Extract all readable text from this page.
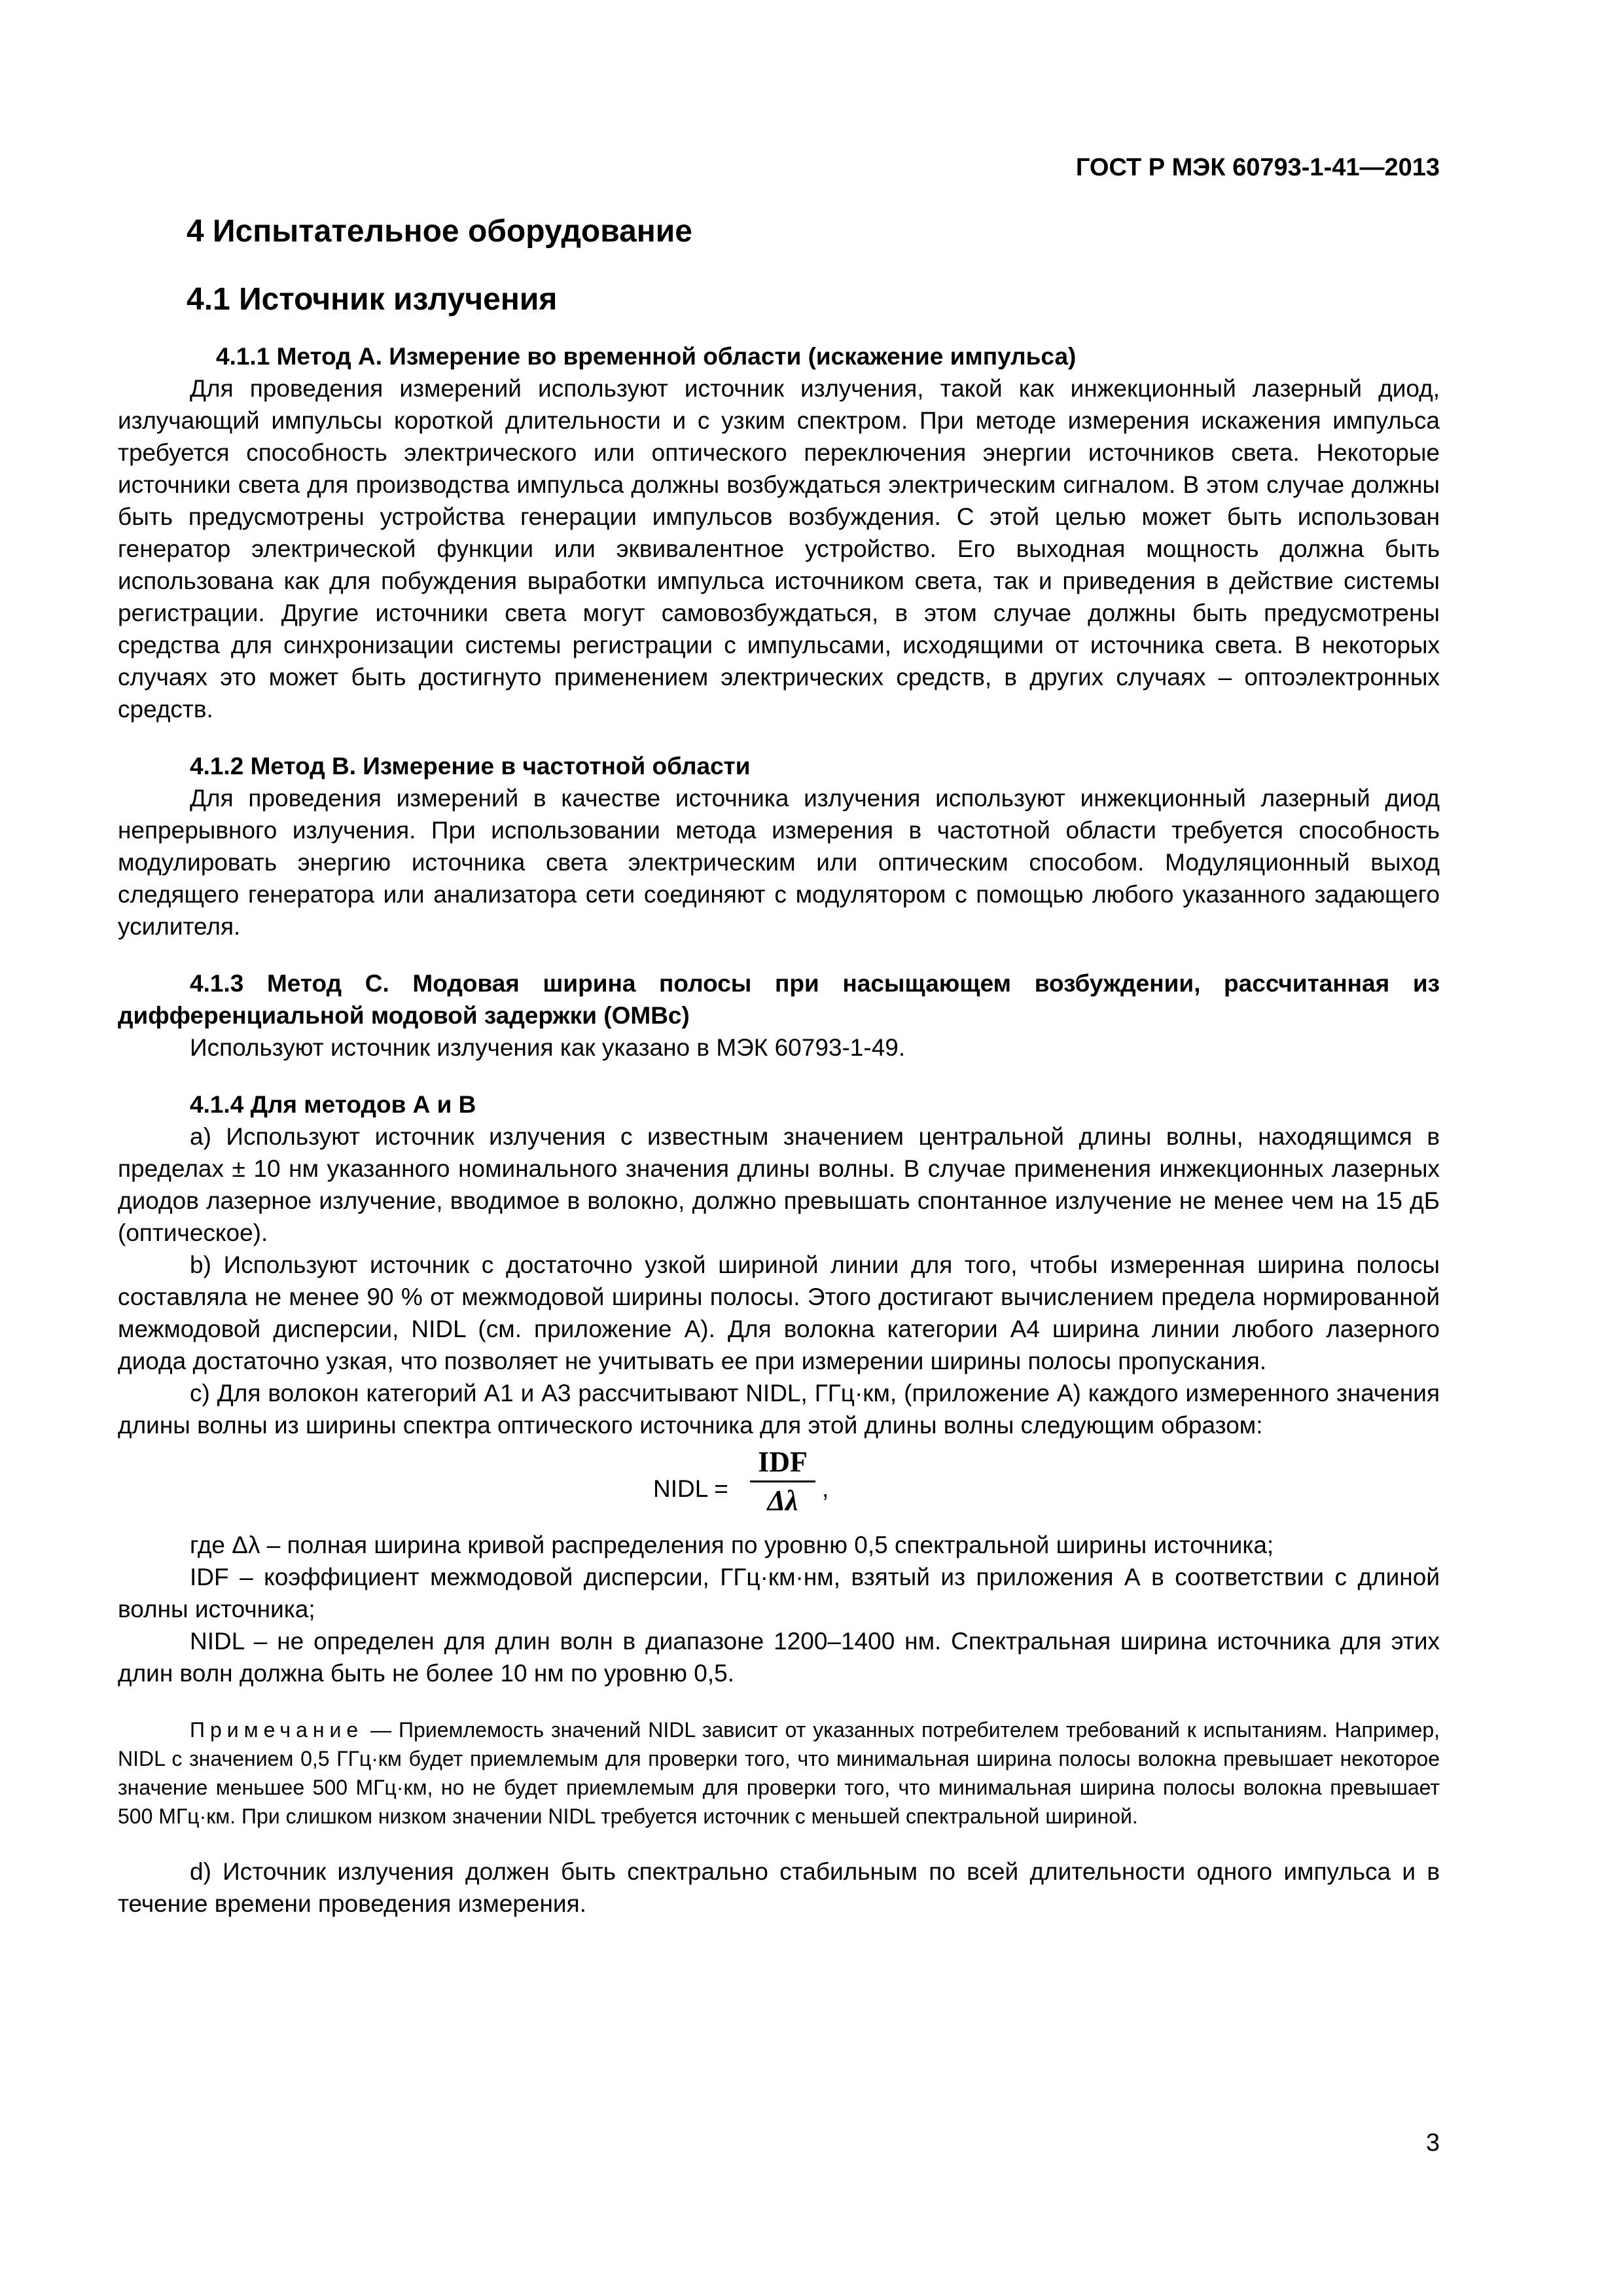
ГОСТ Р МЭК 60793-1-41—2013
4 Испытательное оборудование
4.1 Источник излучения

4.1.1 Метод А. Измерение во временной области (искажение импульса)

Для проведения измерений используют источник излучения, такой как инжекционный лазерный диод, излучающий импульсы короткой длительности и с узким спектром. При методе измерения искажения импульса требуется способность электрического или оптического переключения энергии источников света. Некоторые источники света для производства импульса должны возбуждаться электрическим сигналом. В этом случае должны быть предусмотрены устройства генерации импульсов возбуждения. С этой целью может быть использован генератор электрической функции или эквивалентное устройство. Его выходная мощность должна быть использована как для побуждения выработки импульса источником света, так и приведения в действие системы регистрации. Другие источники света могут самовозбуждаться, в этом случае должны быть предусмотрены средства для синхронизации системы регистрации с импульсами, исходящими от источника света. В некоторых случаях это может быть достигнуто применением электрических средств, в других случаях – оптоэлектронных средств.

4.1.2 Метод В. Измерение в частотной области

Для проведения измерений в качестве источника излучения используют инжекционный лазерный диод непрерывного излучения. При использовании метода измерения в частотной области требуется способность модулировать энергию источника света электрическим или оптическим способом. Модуляционный выход следящего генератора или анализатора сети соединяют с модулятором с помощью любого указанного задающего усилителя.

4.1.3 Метод С. Модовая ширина полосы при насыщающем возбуждении, рассчитанная из дифференциальной модовой задержки (ОМВс)

Используют источник излучения как указано в МЭК 60793-1-49.

4.1.4 Для методов А и В

a) Используют источник излучения с известным значением центральной длины волны, находящимся в пределах ± 10 нм указанного номинального значения длины волны. В случае применения инжекционных лазерных диодов лазерное излучение, вводимое в волокно, должно превышать спонтанное излучение не менее чем на 15 дБ (оптическое).

b) Используют источник с достаточно узкой шириной линии для того, чтобы измеренная ширина полосы составляла не менее 90 % от межмодовой ширины полосы. Этого достигают вычислением предела нормированной межмодовой дисперсии, NIDL (см. приложение А). Для волокна категории А4 ширина линии любого лазерного диода достаточно узкая, что позволяет не учитывать ее при измерении ширины полосы пропускания.

c) Для волокон категорий А1 и А3 рассчитывают NIDL, ГГц·км, (приложение А) каждого измеренного значения длины волны из ширины спектра оптического источника для этой длины волны следующим образом:

NIDL =
IDF
Δλ ,

где Δλ – полная ширина кривой распределения по уровню 0,5 спектральной ширины источника;

IDF – коэффициент межмодовой дисперсии, ГГц·км·нм, взятый из приложения А в соответствии с длиной волны источника;

NIDL – не определен для длин волн в диапазоне 1200–1400 нм. Спектральная ширина источника для этих длин волн должна быть не более 10 нм по уровню 0,5.

Примечание — Приемлемость значений NIDL зависит от указанных потребителем требований к испытаниям. Например, NIDL с значением 0,5 ГГц·км будет приемлемым для проверки того, что минимальная ширина полосы волокна превышает некоторое значение меньшее 500 МГц·км, но не будет приемлемым для проверки того, что минимальная ширина полосы волокна превышает 500 МГц·км. При слишком низком значении NIDL требуется источник с меньшей спектральной шириной.

d) Источник излучения должен быть спектрально стабильным по всей длительности одного импульса и в течение времени проведения измерения.

3
